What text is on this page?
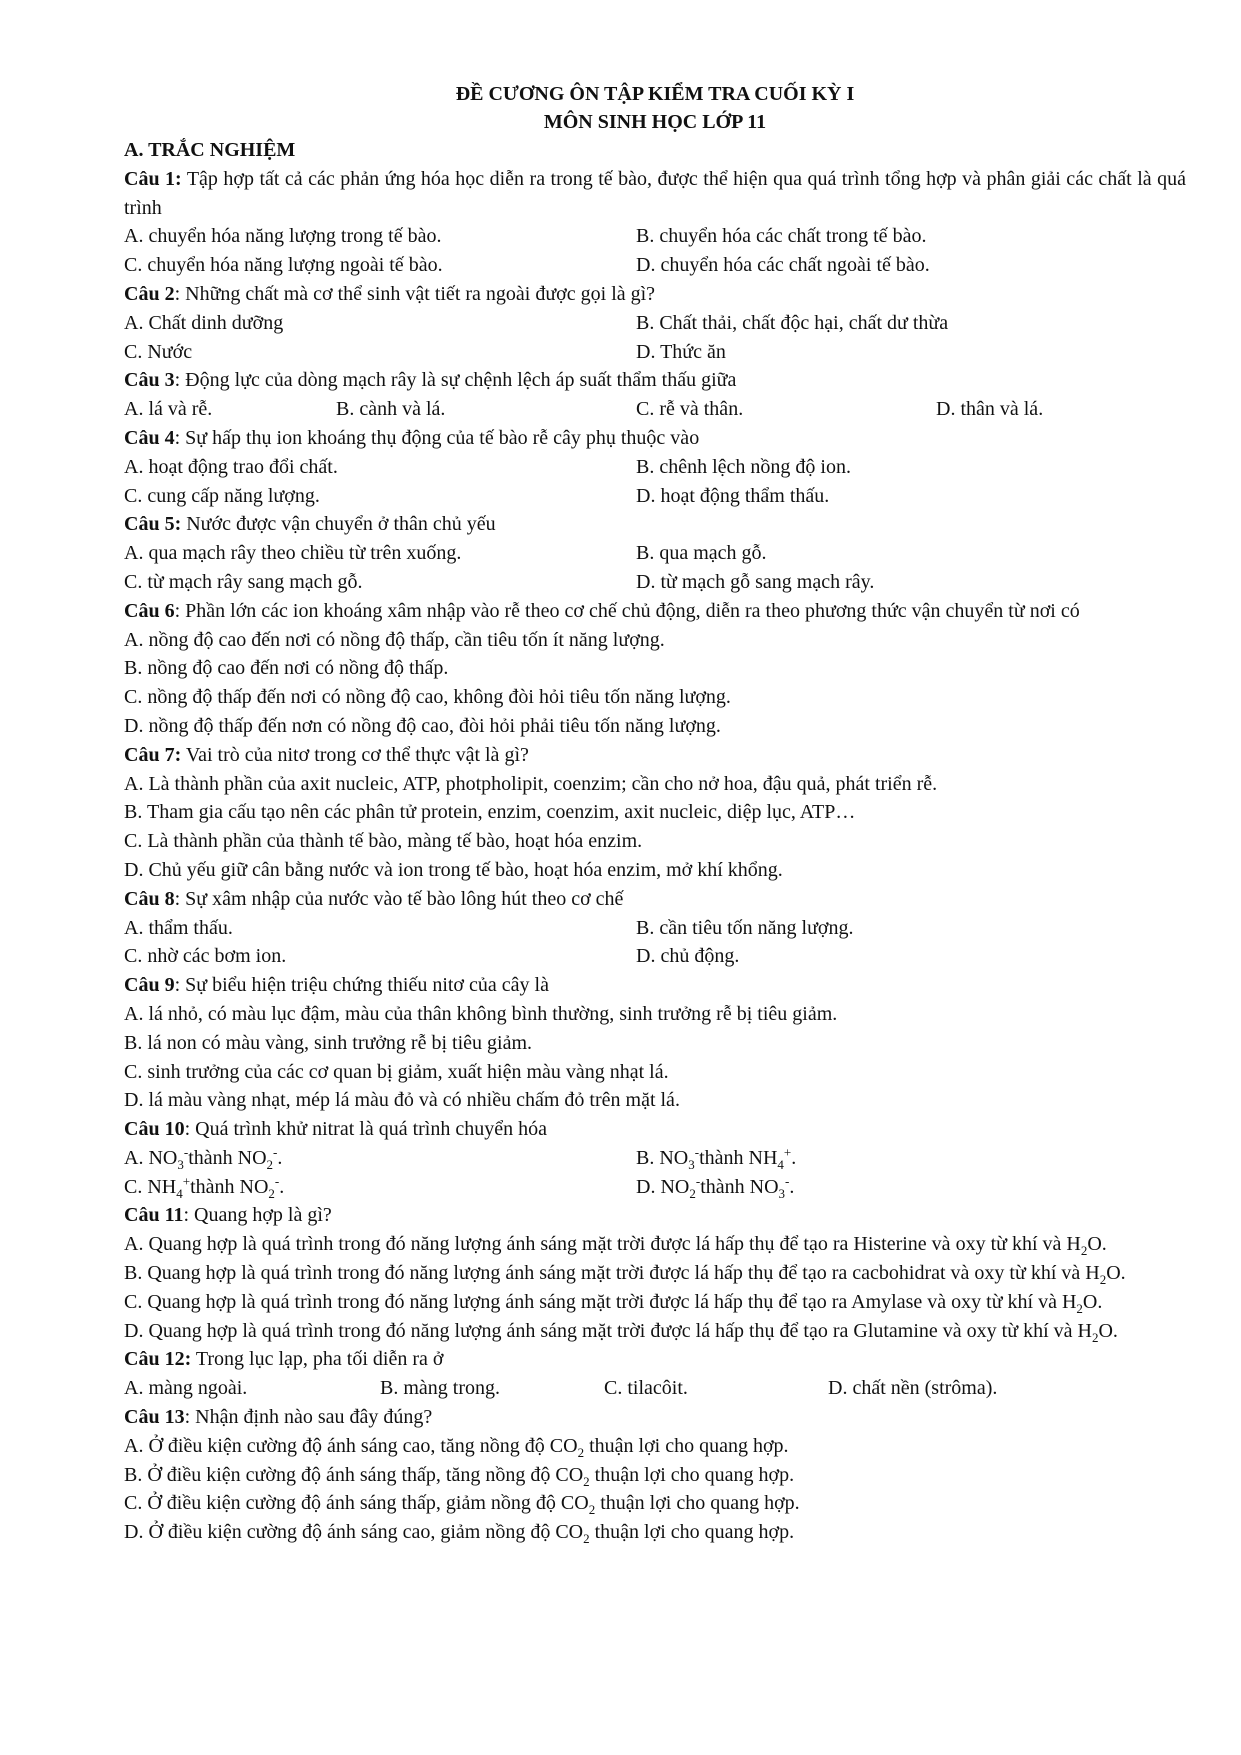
ĐỀ CƯƠNG ÔN TẬP KIỂM TRA CUỐI KỲ I
MÔN SINH HỌC LỚP 11
A. TRẮC NGHIỆM
Câu 1: Tập hợp tất cả các phản ứng hóa học diễn ra trong tế bào, được thể hiện qua quá trình tổng hợp và phân giải các chất là quá trình
A. chuyển hóa năng lượng trong tế bào.	B. chuyển hóa các chất trong tế bào.
C. chuyển hóa năng lượng ngoài tế bào.	D. chuyển hóa các chất ngoài tế bào.
Câu 2: Những chất mà cơ thể sinh vật tiết ra ngoài được gọi là gì?
A. Chất dinh dưỡng	B. Chất thải, chất độc hại, chất dư thừa
C. Nước	D. Thức ăn
Câu 3: Động lực của dòng mạch rây là sự chệnh lệch áp suất thẩm thấu giữa
A. lá và rễ.	B. cành và lá.	C. rễ và thân.	D. thân và lá.
Câu 4: Sự hấp thụ ion khoáng thụ động của tế bào rễ cây phụ thuộc vào
A. hoạt động trao đổi chất.	B. chênh lệch nồng độ ion.
C. cung cấp năng lượng.	D. hoạt động thẩm thấu.
Câu 5: Nước được vận chuyển ở thân chủ yếu
A. qua mạch rây theo chiều từ trên xuống.	B. qua mạch gỗ.
C. từ mạch rây sang mạch gỗ.	D. từ mạch gỗ sang mạch rây.
Câu 6: Phần lớn các ion khoáng xâm nhập vào rễ theo cơ chế chủ động, diễn ra theo phương thức vận chuyển từ nơi có
A. nồng độ cao đến nơi có nồng độ thấp, cần tiêu tốn ít năng lượng.
B. nồng độ cao đến nơi có nồng độ thấp.
C. nồng độ thấp đến nơi có nồng độ cao, không đòi hỏi tiêu tốn năng lượng.
D. nồng độ thấp đến nơn có nồng độ cao, đòi hỏi phải tiêu tốn năng lượng.
Câu 7: Vai trò của nitơ trong cơ thể thực vật là gì?
A. Là thành phần của axit nucleic, ATP, photpholipit, coenzim; cần cho nở hoa, đậu quả, phát triển rễ.
B. Tham gia cấu tạo nên các phân tử protein, enzim, coenzim, axit nucleic, diệp lục, ATP…
C. Là thành phần của thành tế bào, màng tế bào, hoạt hóa enzim.
D. Chủ yếu giữ cân bằng nước và ion trong tế bào, hoạt hóa enzim, mở khí khổng.
Câu 8: Sự xâm nhập của nước vào tế bào lông hút theo cơ chế
A. thẩm thấu.	B. cần tiêu tốn năng lượng.
C. nhờ các bơm ion.	D. chủ động.
Câu 9: Sự biểu hiện triệu chứng thiếu nitơ của cây là
A. lá nhỏ, có màu lục đậm, màu của thân không bình thường, sinh trưởng rễ bị tiêu giảm.
B. lá non có màu vàng, sinh trưởng rễ bị tiêu giảm.
C. sinh trưởng của các cơ quan bị giảm, xuất hiện màu vàng nhạt lá.
D. lá màu vàng nhạt, mép lá màu đỏ và có nhiều chấm đỏ trên mặt lá.
Câu 10: Quá trình khử nitrat là quá trình chuyển hóa
A. $NO_3^-thành$ $NO_2^-$.	B. $NO_3^-thành$ $NH_4^+$.
C. $NH_4^+thành$ $NO_2^-$.	D. $NO_2^-thành$ $NO_3^-$.
Câu 11: Quang hợp là gì?
A. Quang hợp là quá trình trong đó năng lượng ánh sáng mặt trời được lá hấp thụ để tạo ra Histerine và oxy từ khí và $H_2O$.
B. Quang hợp là quá trình trong đó năng lượng ánh sáng mặt trời được lá hấp thụ để tạo ra cacbohidrat và oxy từ khí và $H_2O$.
C. Quang hợp là quá trình trong đó năng lượng ánh sáng mặt trời được lá hấp thụ để tạo ra Amylase và oxy từ khí và $H_2O$.
D. Quang hợp là quá trình trong đó năng lượng ánh sáng mặt trời được lá hấp thụ để tạo ra Glutamine và oxy từ khí và $H_2O$.
Câu 12: Trong lục lạp, pha tối diễn ra ở
A. màng ngoài.	B. màng trong.	C. tilacôit.	D. chất nền (strôma).
Câu 13: Nhận định nào sau đây đúng?
A. Ở điều kiện cường độ ánh sáng cao, tăng nồng độ $CO_2$ thuận lợi cho quang hợp.
B. Ở điều kiện cường độ ánh sáng thấp, tăng nồng độ $CO_2$ thuận lợi cho quang hợp.
C. Ở điều kiện cường độ ánh sáng thấp, giảm nồng độ $CO_2$ thuận lợi cho quang hợp.
D. Ở điều kiện cường độ ánh sáng cao, giảm nồng độ $CO_2$ thuận lợi cho quang hợp.
